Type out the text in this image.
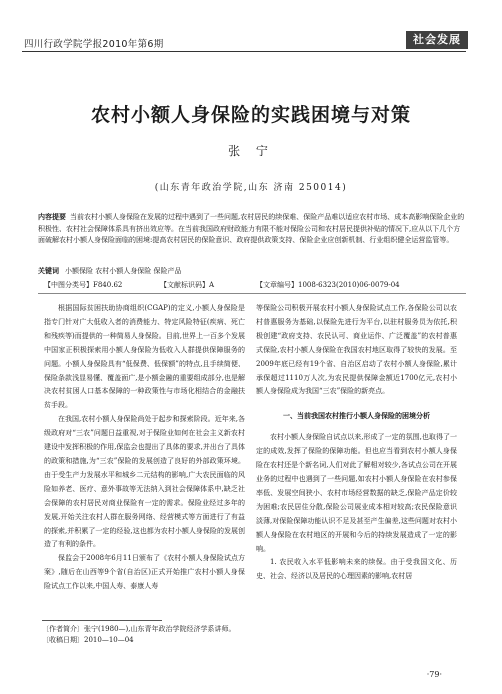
四川行政学院学报2010年第6期	社会发展
农村小额人身保险的实践困境与对策
张 宁
(山东青年政治学院,山东 济南 250014)
内容提要 当前农村小额人身保险在发展的过程中遇到了一些问题,农村居民的续保难、保险产品难以适应农村市场、成本高影响保险企业的积极性、农村社会保障体系具有挤出效应等。在当前我国政府财政能力有限不能对保险公司和农村居民提供补贴的情况下,应从以下几个方面破解农村小额人身保险面临的困境:提高农村居民的保险意识、政府提供政策支持、保险企业应创新机制、行业组织健全运营监管等。
关键词 小额保险 农村小额人身保险 保险产品
【中图分类号】F840.62	【文献标识码】A	【文章编号】1008-6323(2010)06-0079-04

根据国际贫困扶助协商组织(CGAP)的定义,小额人身保险是指专门针对广大低收入者的消费能力、特定风险特征(疾病、死亡和残疾等)而提供的一种简易人身保险。目前,世界上一百多个发展中国家正积极探索用小额人身保险为低收入人群提供保障服务的问题。小额人身保险具有“低保费、低保额”的特点,且手续简便、保险条款浅显易懂、覆盖面广,是小额金融的重要组成部分,也是解决农村贫困人口基本保障的一种政策性与市场化相结合的金融扶贫手段。

在我国,农村小额人身保险尚处于起步和探索阶段。近年来,各级政府对“三农”问题日益重视,对于保险业如何在社会主义新农村建设中发挥积极的作用,保监会也提出了具体的要求,并出台了具体的政策和措施,为“三农”保险的发展创造了良好的外部政策环境。由于受生产力发展水平和城乡二元结构的影响,广大农民面临的风险如养老、医疗、意外事故等无法纳入到社会保障体系中,缺乏社会保障的农村居民对商业保险有一定的需求。保险业经过多年的发展,开始关注农村人群在服务网络、经营模式等方面进行了有益的探索,并积累了一定的经验,这也都为农村小额人身保险的发展创造了有利的条件。

保监会于2008年6月11日颁布了《农村小额人身保险试点方案》,随后在山西等9个省(自治区)正式开始推广农村小额人身保险试点工作以来,中国人寿、泰康人寿

等保险公司积极开展农村小额人身保险试点工作,各保险公司以农村普惠服务为基础,以保险先进行为平台,以驻村服务员为依托,积极创建“政府支持、农民认可、商业运作、广泛覆盖”的农村普惠式保险,农村小额人身保险在我国农村地区取得了较快的发展。至2009年底已经有19个省、自治区启动了农村小额人身保险,累计承保超过1110万人次,为农民提供保障金额近1700亿元,农村小额人身保险成为我国“三农”保险的新亮点。

一、当前我国农村推行小额人身保险的困境分析

农村小额人身保险自试点以来,形成了一定的氛围,也取得了一定的成效,发挥了保险的保障功能。但也应当看到农村小额人身保险在农村还是个新名词,人们对此了解相对较少,各试点公司在开展业务的过程中也遇到了一些问题,如农村小额人身保险在农村参保率低、发展空间狭小、农村市场经营数据的缺乏,保险产品定价较为困难;农民居住分散,保险公司展业成本相对较高;农民保险意识淡薄,对保险保障功能认识不足及甚至产生偏差,这些问题对农村小额人身保险在农村地区的开展和今后的持续发展造成了一定的影响。

1. 农民收入水平低影响未来的续保。由于受我国文化、历史、社会、经济以及居民的心理因素的影响,农村居

〔作者简介〕张宁(1980—),山东青年政治学院经济学系讲师。
〔收稿日期〕2010—10—04
·79·
